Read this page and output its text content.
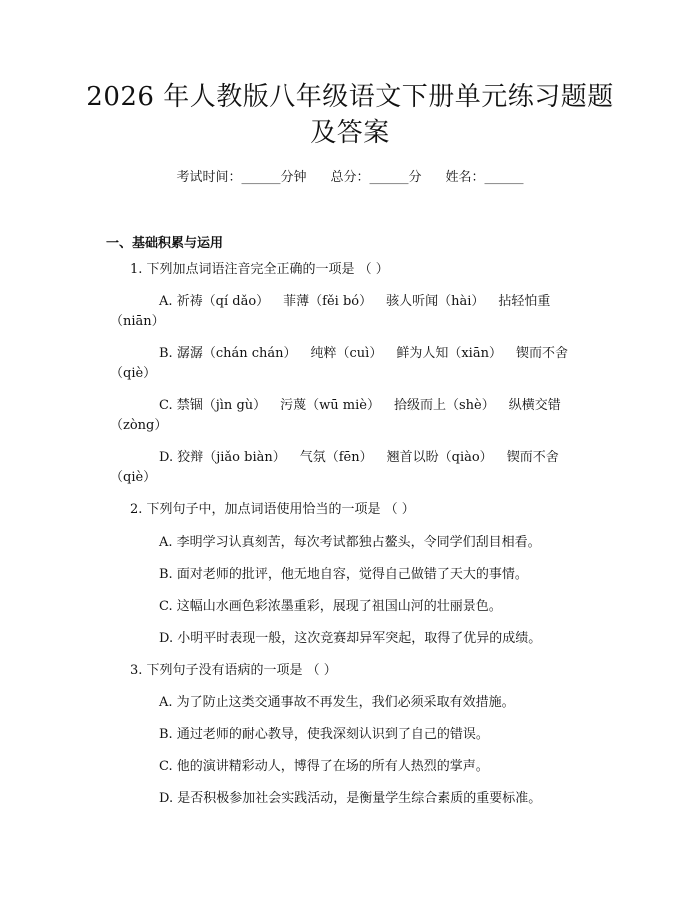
2026 年人教版八年级语文下册单元练习题题
及答案
考试时间：______分钟 总分：______分 姓名：______
一、基础积累与运用
1. 下列加点词语注音完全正确的一项是 （ ）
A. 祈祷（qí dǎo） 菲薄（fěi bó） 骇人听闻（hài） 拈轻怕重
（niān）
B. 潺潺（chán chán） 纯粹（cuì） 鲜为人知（xiān） 锲而不舍
（qiè）
C. 禁锢（jìn gù） 污蔑（wū miè） 拾级而上（shè） 纵横交错
（zòng）
D. 狡辩（jiǎo biàn） 气氛（fēn） 翘首以盼（qiào） 锲而不舍
（qiè）
2. 下列句子中，加点词语使用恰当的一项是 （ ）
A. 李明学习认真刻苦，每次考试都独占鳌头，令同学们刮目相看。
B. 面对老师的批评，他无地自容，觉得自己做错了天大的事情。
C. 这幅山水画色彩浓墨重彩，展现了祖国山河的壮丽景色。
D. 小明平时表现一般，这次竞赛却异军突起，取得了优异的成绩。
3. 下列句子没有语病的一项是 （ ）
A. 为了防止这类交通事故不再发生，我们必须采取有效措施。
B. 通过老师的耐心教导，使我深刻认识到了自己的错误。
C. 他的演讲精彩动人，博得了在场的所有人热烈的掌声。
D. 是否积极参加社会实践活动，是衡量学生综合素质的重要标准。
